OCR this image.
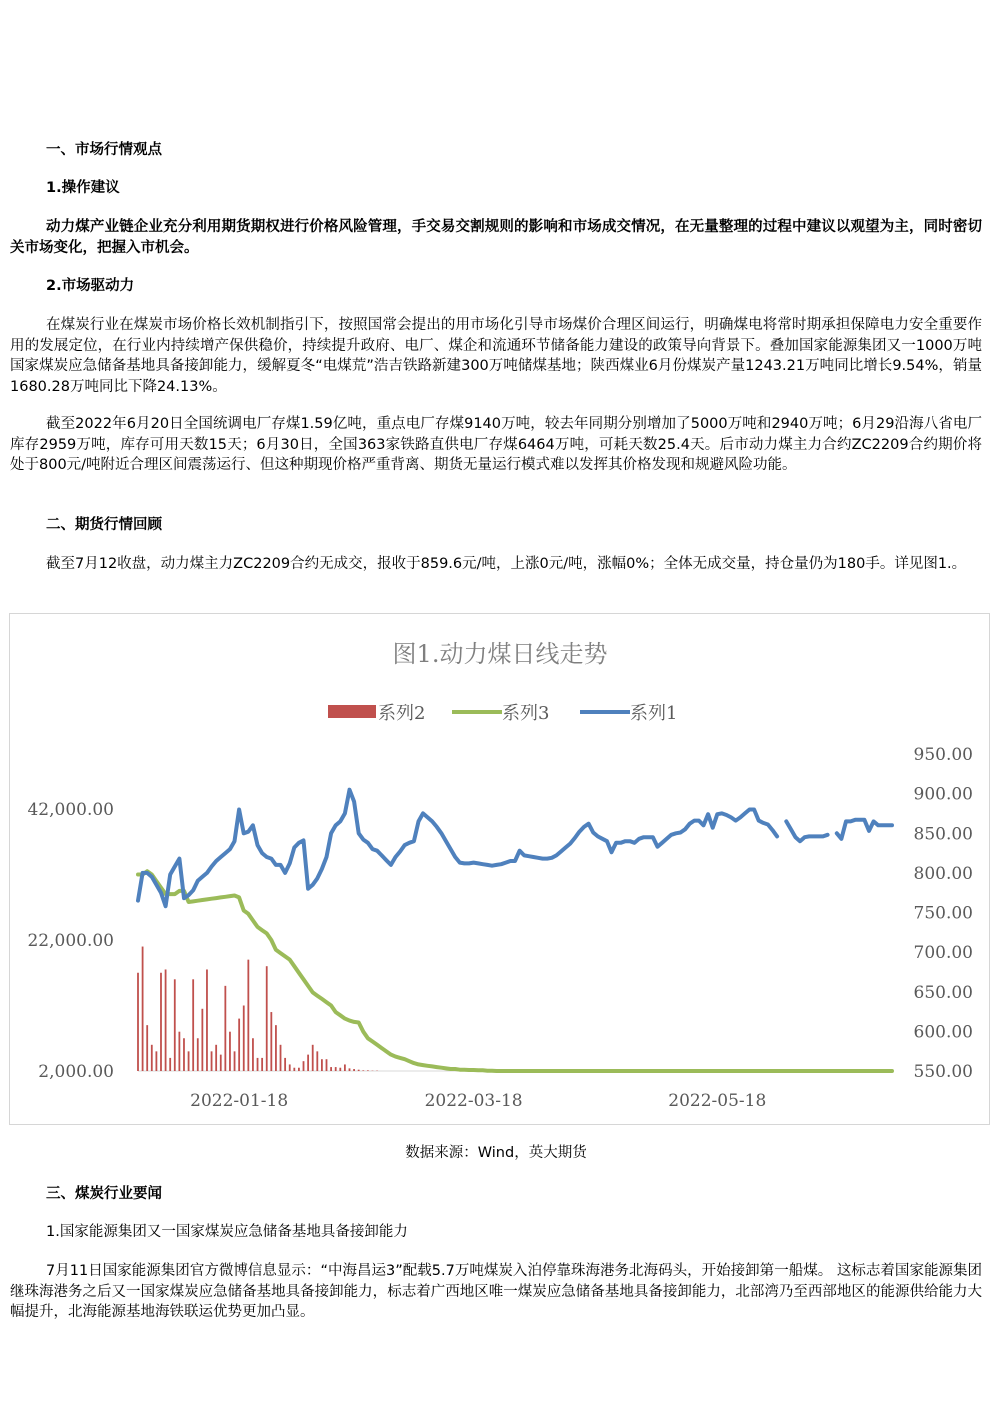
一、市场行情观点
1.操作建议
动力煤产业链企业充分利用期货期权进行价格风险管理，手交易交割规则的影响和市场成交情况，在无量整理的过程中建议以观望为主，同时密切关市场变化，把握入市机会。
2.市场驱动力
在煤炭行业在煤炭市场价格长效机制指引下，按照国常会提出的用市场化引导市场煤价合理区间运行，明确煤电将常时期承担保障电力安全重要作用的发展定位，在行业内持续增产保供稳价，持续提升政府、电厂、煤企和流通环节储备能力建设的政策导向背景下。叠加国家能源集团又一1000万吨国家煤炭应急储备基地具备接卸能力，缓解夏冬“电煤荒”浩吉铁路新建300万吨储煤基地；陕西煤业6月份煤炭产量1243.21万吨同比增长9.54%，销量1680.28万吨同比下降24.13%。
截至2022年6月20日全国统调电厂存煤1.59亿吨，重点电厂存煤9140万吨，较去年同期分别增加了5000万吨和2940万吨；6月29沿海八省电厂库存2959万吨，库存可用天数15天；6月30日，全国363家铁路直供电厂存煤6464万吨，可耗天数25.4天。后市动力煤主力合约ZC2209合约期价将处于800元/吨附近合理区间震荡运行、但这种期现价格严重背离、期货无量运行模式难以发挥其价格发现和规避风险功能。
二、期货行情回顾
截至7月12收盘，动力煤主力ZC2209合约无成交，报收于859.6元/吨，上涨0元/吨，涨幅0%；全体无成交量，持仓量仍为180手。详见图1.。
图1.动力煤日线走势
系列2	系列3	系列1
2,000.00
22,000.00
42,000.00
550.00
600.00
650.00
700.00
750.00
800.00
850.00
900.00
950.00
2022-01-18	2022-03-18	2022-05-18
数据来源：Wind，英大期货
三、煤炭行业要闻
1.国家能源集团又一国家煤炭应急储备基地具备接卸能力
7月11日国家能源集团官方微博信息显示：“中海昌运3”配载5.7万吨煤炭入泊停靠珠海港务北海码头，开始接卸第一船煤。 这标志着国家能源集团继珠海港务之后又一国家煤炭应急储备基地具备接卸能力，标志着广西地区唯一煤炭应急储备基地具备接卸能力，北部湾乃至西部地区的能源供给能力大幅提升，北海能源基地海铁联运优势更加凸显。
